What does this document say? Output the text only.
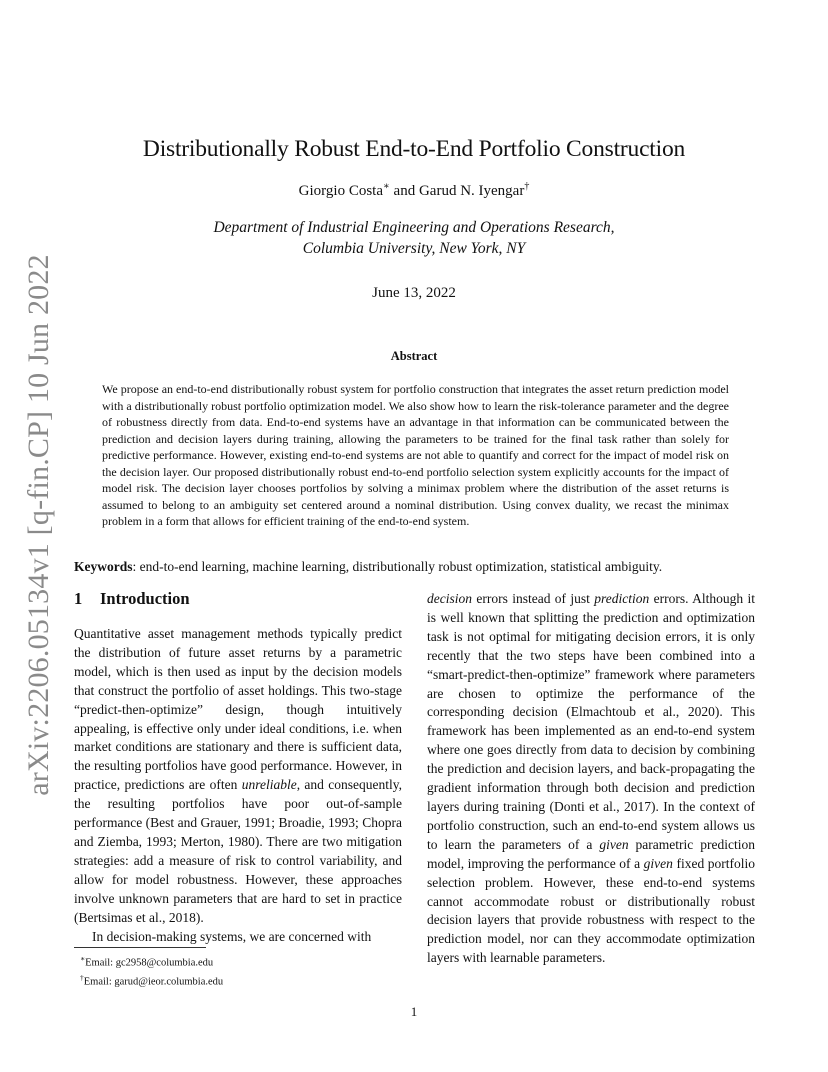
arXiv:2206.05134v1 [q-fin.CP] 10 Jun 2022
Distributionally Robust End-to-End Portfolio Construction
Giorgio Costa∗ and Garud N. Iyengar†
Department of Industrial Engineering and Operations Research,
Columbia University, New York, NY
June 13, 2022
Abstract
We propose an end-to-end distributionally robust system for portfolio construction that integrates the asset return prediction model with a distributionally robust portfolio optimization model. We also show how to learn the risk-tolerance parameter and the degree of robustness directly from data. End-to-end systems have an advantage in that information can be communicated between the prediction and decision layers during training, allowing the parameters to be trained for the final task rather than solely for predictive performance. However, existing end-to-end systems are not able to quantify and correct for the impact of model risk on the decision layer. Our proposed distributionally robust end-to-end portfolio selection system explicitly accounts for the impact of model risk. The decision layer chooses portfolios by solving a minimax problem where the distribution of the asset returns is assumed to belong to an ambiguity set centered around a nominal distribution. Using convex duality, we recast the minimax problem in a form that allows for efficient training of the end-to-end system.
Keywords: end-to-end learning, machine learning, distributionally robust optimization, statistical ambiguity.
1 Introduction

Quantitative asset management methods typically predict the distribution of future asset returns by a parametric model, which is then used as input by the decision models that construct the portfolio of asset holdings. This two-stage “predict-then-optimize” design, though intuitively appealing, is effective only under ideal conditions, i.e. when market conditions are stationary and there is sufficient data, the resulting portfolios have good performance. However, in practice, predictions are often unreliable, and consequently, the resulting portfolios have poor out-of-sample performance (Best and Grauer, 1991; Broadie, 1993; Chopra and Ziemba, 1993; Merton, 1980). There are two mitigation strategies: add a measure of risk to control variability, and allow for model robustness. However, these approaches involve unknown parameters that are hard to set in practice (Bertsimas et al., 2018).

In decision-making systems, we are concerned with

decision errors instead of just prediction errors. Although it is well known that splitting the prediction and optimization task is not optimal for mitigating decision errors, it is only recently that the two steps have been combined into a “smart-predict-then-optimize” framework where parameters are chosen to optimize the performance of the corresponding decision (Elmachtoub et al., 2020). This framework has been implemented as an end-to-end system where one goes directly from data to decision by combining the prediction and decision layers, and back-propagating the gradient information through both decision and prediction layers during training (Donti et al., 2017). In the context of portfolio construction, such an end-to-end system allows us to learn the parameters of a given parametric prediction model, improving the performance of a given fixed portfolio selection problem. However, these end-to-end systems cannot accommodate robust or distributionally robust decision layers that provide robustness with respect to the prediction model, nor can they accommodate optimization layers with learnable parameters.

∗Email: gc2958@columbia.edu
†Email: garud@ieor.columbia.edu
1
